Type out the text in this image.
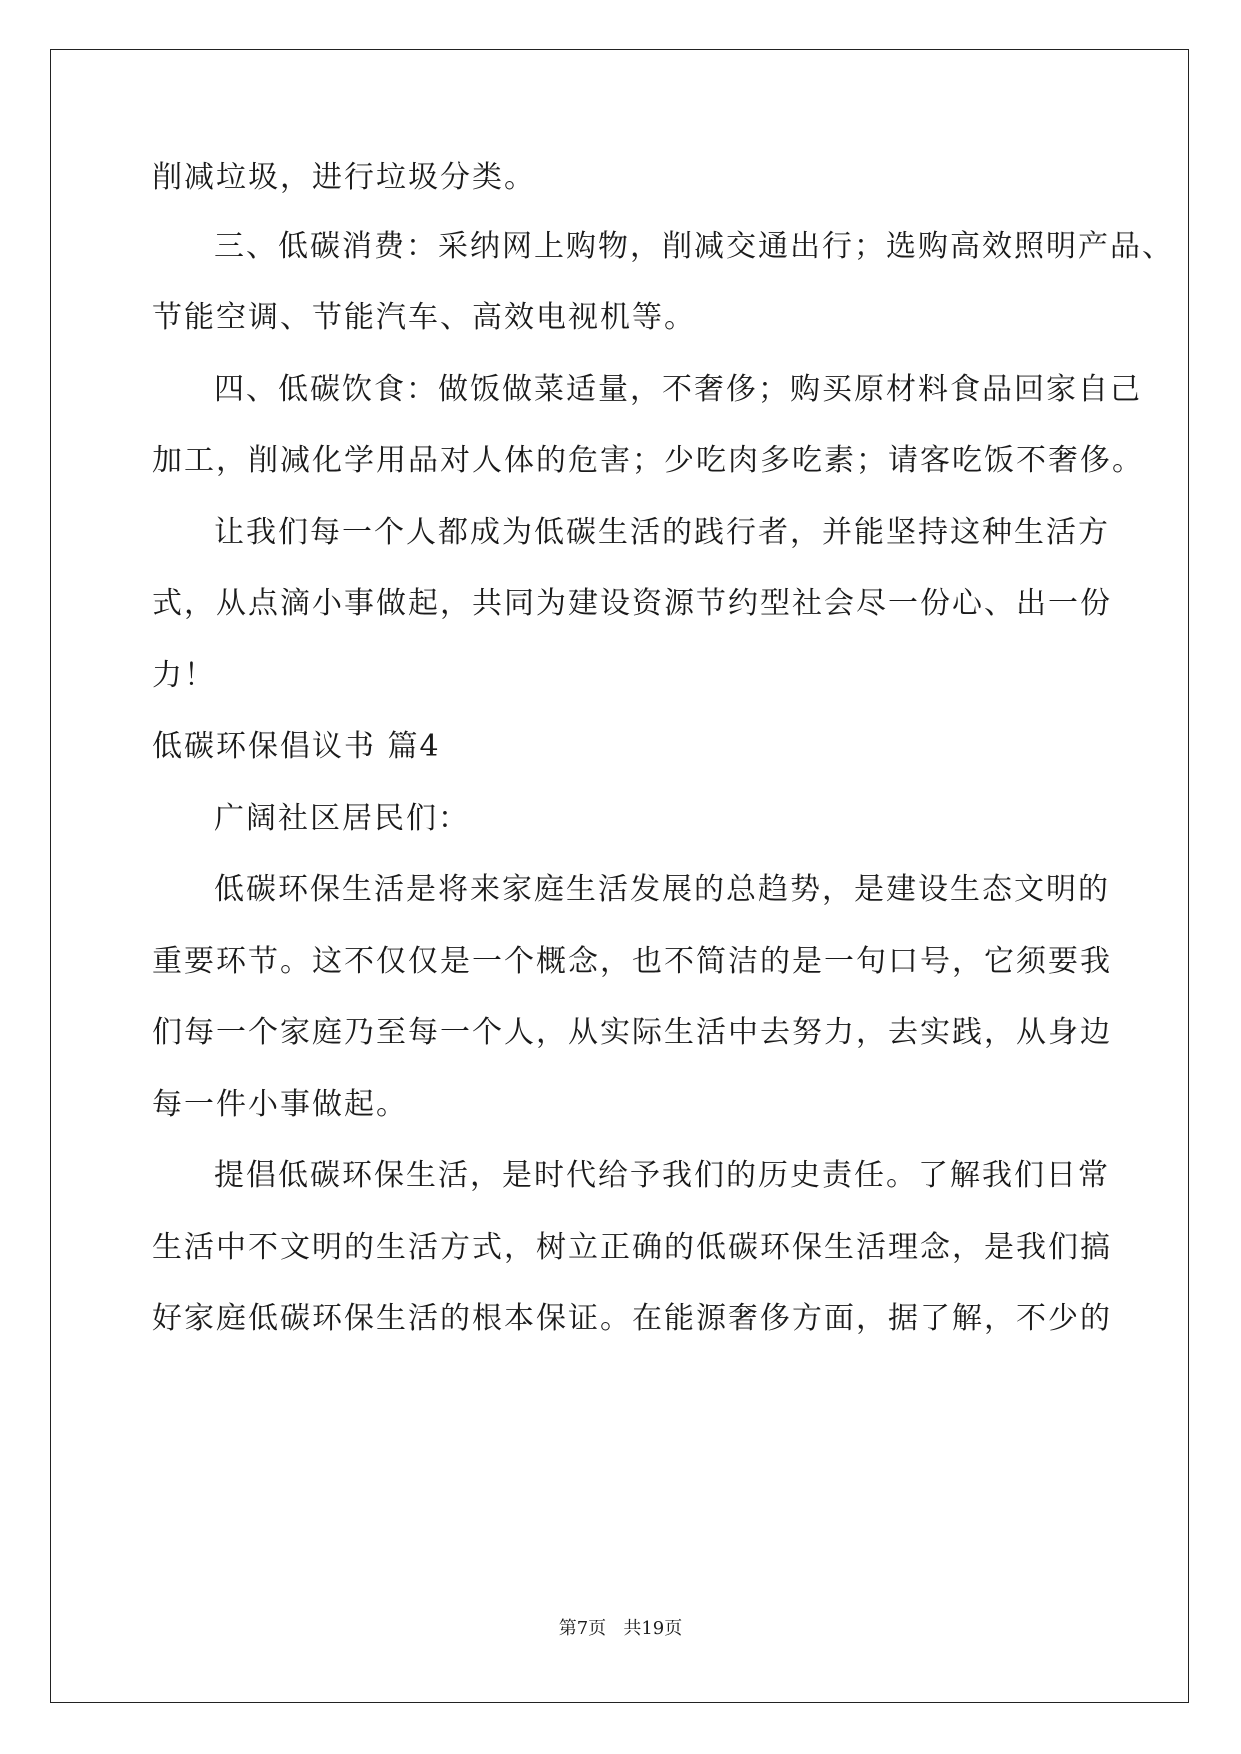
削减垃圾，进行垃圾分类。
三、低碳消费：采纳网上购物，削减交通出行；选购高效照明产品、
节能空调、节能汽车、高效电视机等。
四、低碳饮食：做饭做菜适量，不奢侈；购买原材料食品回家自己
加工，削减化学用品对人体的危害；少吃肉多吃素；请客吃饭不奢侈。
让我们每一个人都成为低碳生活的践行者，并能坚持这种生活方
式，从点滴小事做起，共同为建设资源节约型社会尽一份心、出一份
力！
低碳环保倡议书 篇4
广阔社区居民们：
低碳环保生活是将来家庭生活发展的总趋势，是建设生态文明的
重要环节。这不仅仅是一个概念，也不简洁的是一句口号，它须要我
们每一个家庭乃至每一个人，从实际生活中去努力，去实践，从身边
每一件小事做起。
提倡低碳环保生活，是时代给予我们的历史责任。了解我们日常
生活中不文明的生活方式，树立正确的低碳环保生活理念，是我们搞
好家庭低碳环保生活的根本保证。在能源奢侈方面，据了解，不少的
第7页   共19页
